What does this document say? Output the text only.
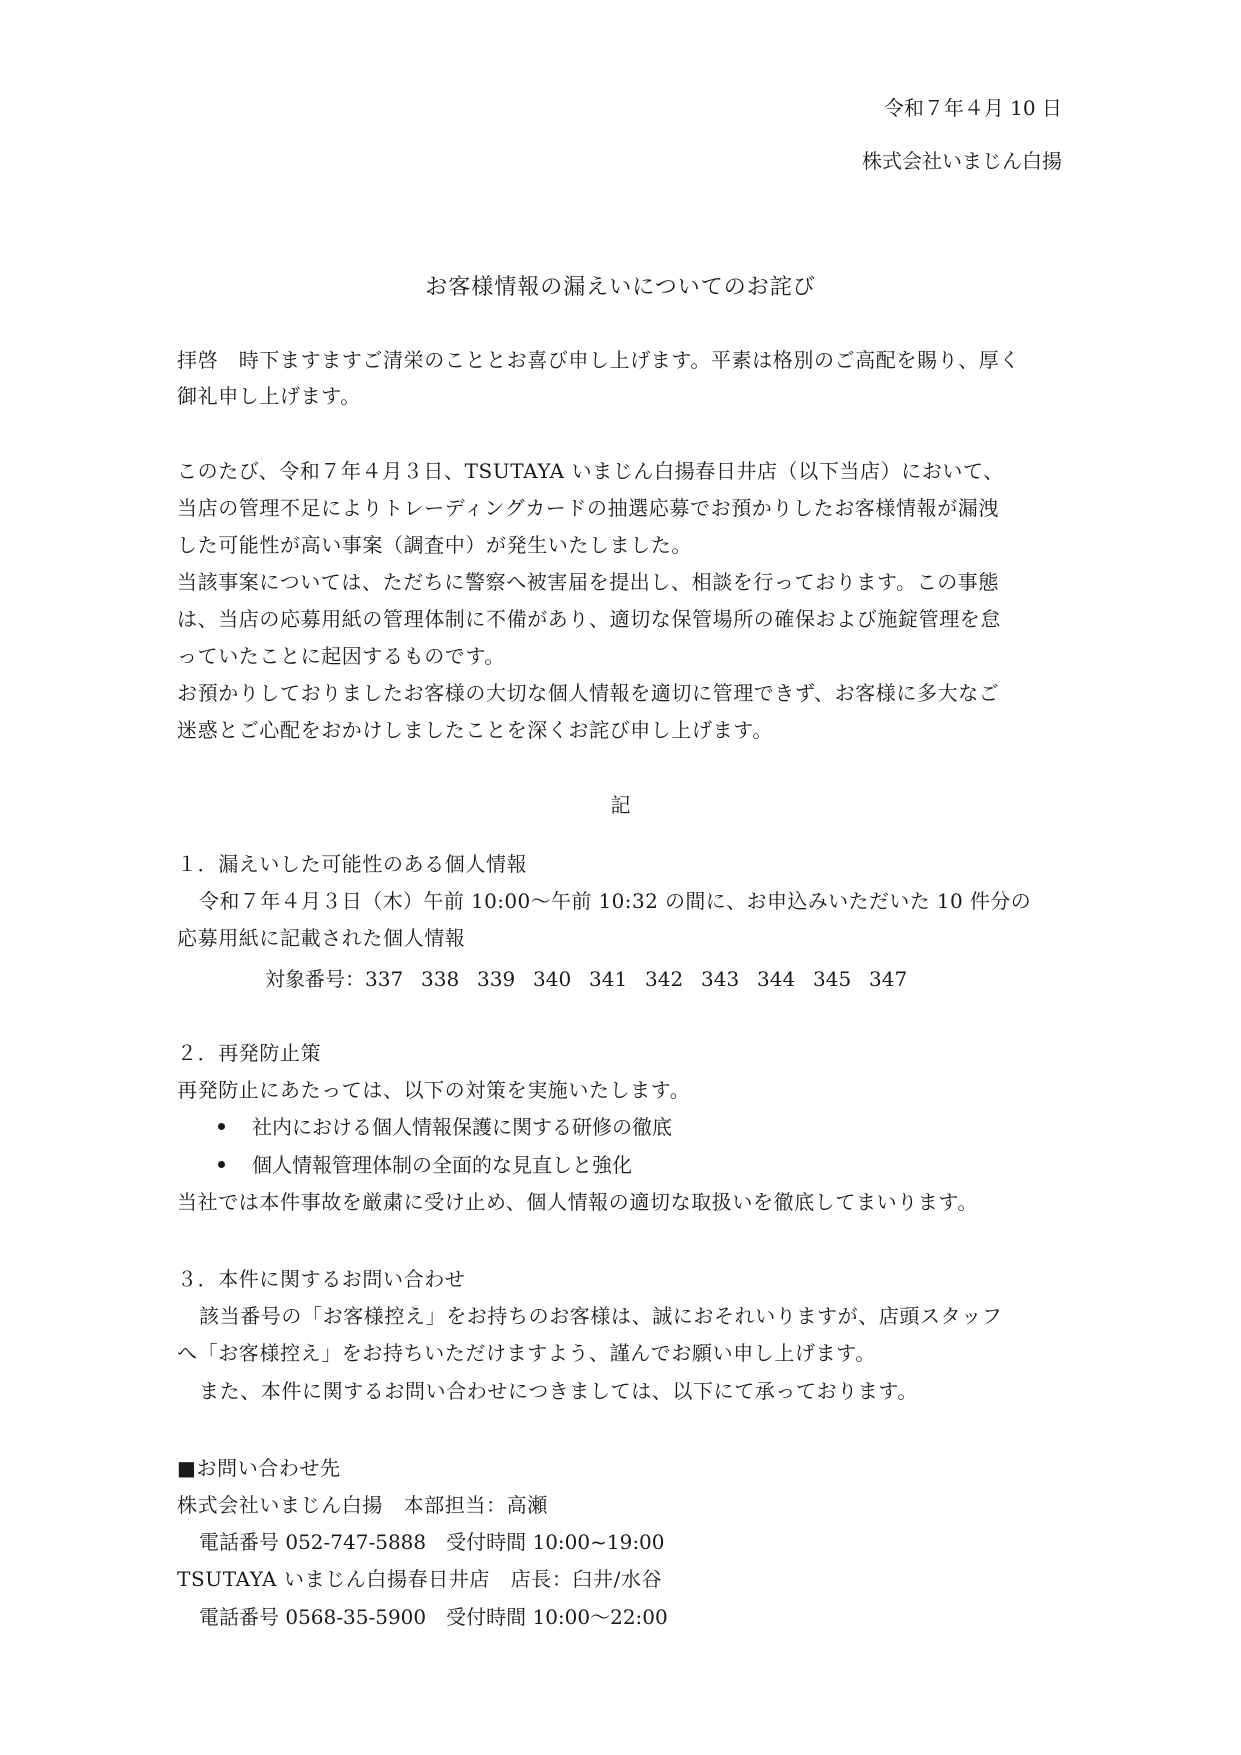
令和７年４月 10 日
株式会社いまじん白揚
お客様情報の漏えいについてのお詫び
拝啓　時下ますますご清栄のこととお喜び申し上げます。平素は格別のご高配を賜り、厚く
御礼申し上げます。
このたび、令和７年４月３日、TSUTAYA いまじん白揚春日井店（以下当店）において、
当店の管理不足によりトレーディングカードの抽選応募でお預かりしたお客様情報が漏洩
した可能性が高い事案（調査中）が発生いたしました。
当該事案については、ただちに警察へ被害届を提出し、相談を行っております。この事態
は、当店の応募用紙の管理体制に不備があり、適切な保管場所の確保および施錠管理を怠
っていたことに起因するものです。
お預かりしておりましたお客様の大切な個人情報を適切に管理できず、お客様に多大なご
迷惑とご心配をおかけしましたことを深くお詫び申し上げます。
記
１．漏えいした可能性のある個人情報
令和７年４月３日（木）午前 10:00〜午前 10:32 の間に、お申込みいただいた 10 件分の
応募用紙に記載された個人情報
対象番号： 337 338 339 340 341 342 343 344 345 347
２．再発防止策
再発防止にあたっては、以下の対策を実施いたします。
社内における個人情報保護に関する研修の徹底
個人情報管理体制の全面的な見直しと強化
当社では本件事故を厳粛に受け止め、個人情報の適切な取扱いを徹底してまいります。
３．本件に関するお問い合わせ
該当番号の「お客様控え」をお持ちのお客様は、誠におそれいりますが、店頭スタッフ
へ「お客様控え」をお持ちいただけますよう、謹んでお願い申し上げます。
また、本件に関するお問い合わせにつきましては、以下にて承っております。
■お問い合わせ先
株式会社いまじん白揚　本部担当：高瀬
電話番号 052-747-5888　受付時間 10:00~19:00
TSUTAYA いまじん白揚春日井店　店長：臼井/水谷
電話番号 0568-35-5900　受付時間 10:00〜22:00
